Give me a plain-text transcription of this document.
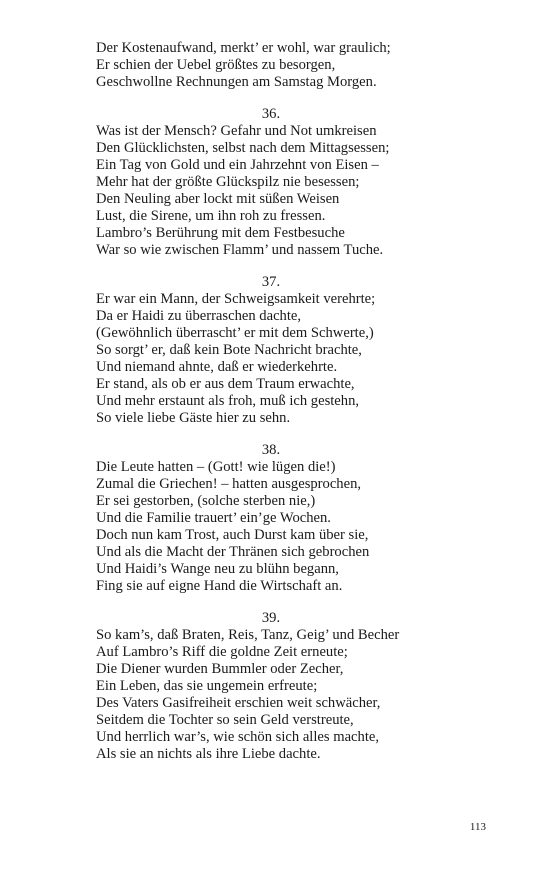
Der Kostenaufwand, merkt’ er wohl, war graulich;
Er schien der Uebel größtes zu besorgen,
Geschwollne Rechnungen am Samstag Morgen.
36.
Was ist der Mensch? Gefahr und Not umkreisen
Den Glücklichsten, selbst nach dem Mittagsessen;
Ein Tag von Gold und ein Jahrzehnt von Eisen –
Mehr hat der größte Glückspilz nie besessen;
Den Neuling aber lockt mit süßen Weisen
Lust, die Sirene, um ihn roh zu fressen.
Lambro’s Berührung mit dem Festbesuche
War so wie zwischen Flamm’ und nassem Tuche.
37.
Er war ein Mann, der Schweigsamkeit verehrte;
Da er Haidi zu überraschen dachte,
(Gewöhnlich überrascht’ er mit dem Schwerte,)
So sorgt’ er, daß kein Bote Nachricht brachte,
Und niemand ahnte, daß er wiederkehrte.
Er stand, als ob er aus dem Traum erwachte,
Und mehr erstaunt als froh, muß ich gestehn,
So viele liebe Gäste hier zu sehn.
38.
Die Leute hatten – (Gott! wie lügen die!)
Zumal die Griechen! – hatten ausgesprochen,
Er sei gestorben, (solche sterben nie,)
Und die Familie trauert’ ein’ge Wochen.
Doch nun kam Trost, auch Durst kam über sie,
Und als die Macht der Thränen sich gebrochen
Und Haidi’s Wange neu zu blühn begann,
Fing sie auf eigne Hand die Wirtschaft an.
39.
So kam’s, daß Braten, Reis, Tanz, Geig’ und Becher
Auf Lambro’s Riff die goldne Zeit erneute;
Die Diener wurden Bummler oder Zecher,
Ein Leben, das sie ungemein erfreute;
Des Vaters Gasifreiheit erschien weit schwächer,
Seitdem die Tochter so sein Geld verstreute,
Und herrlich war’s, wie schön sich alles machte,
Als sie an nichts als ihre Liebe dachte.
113
